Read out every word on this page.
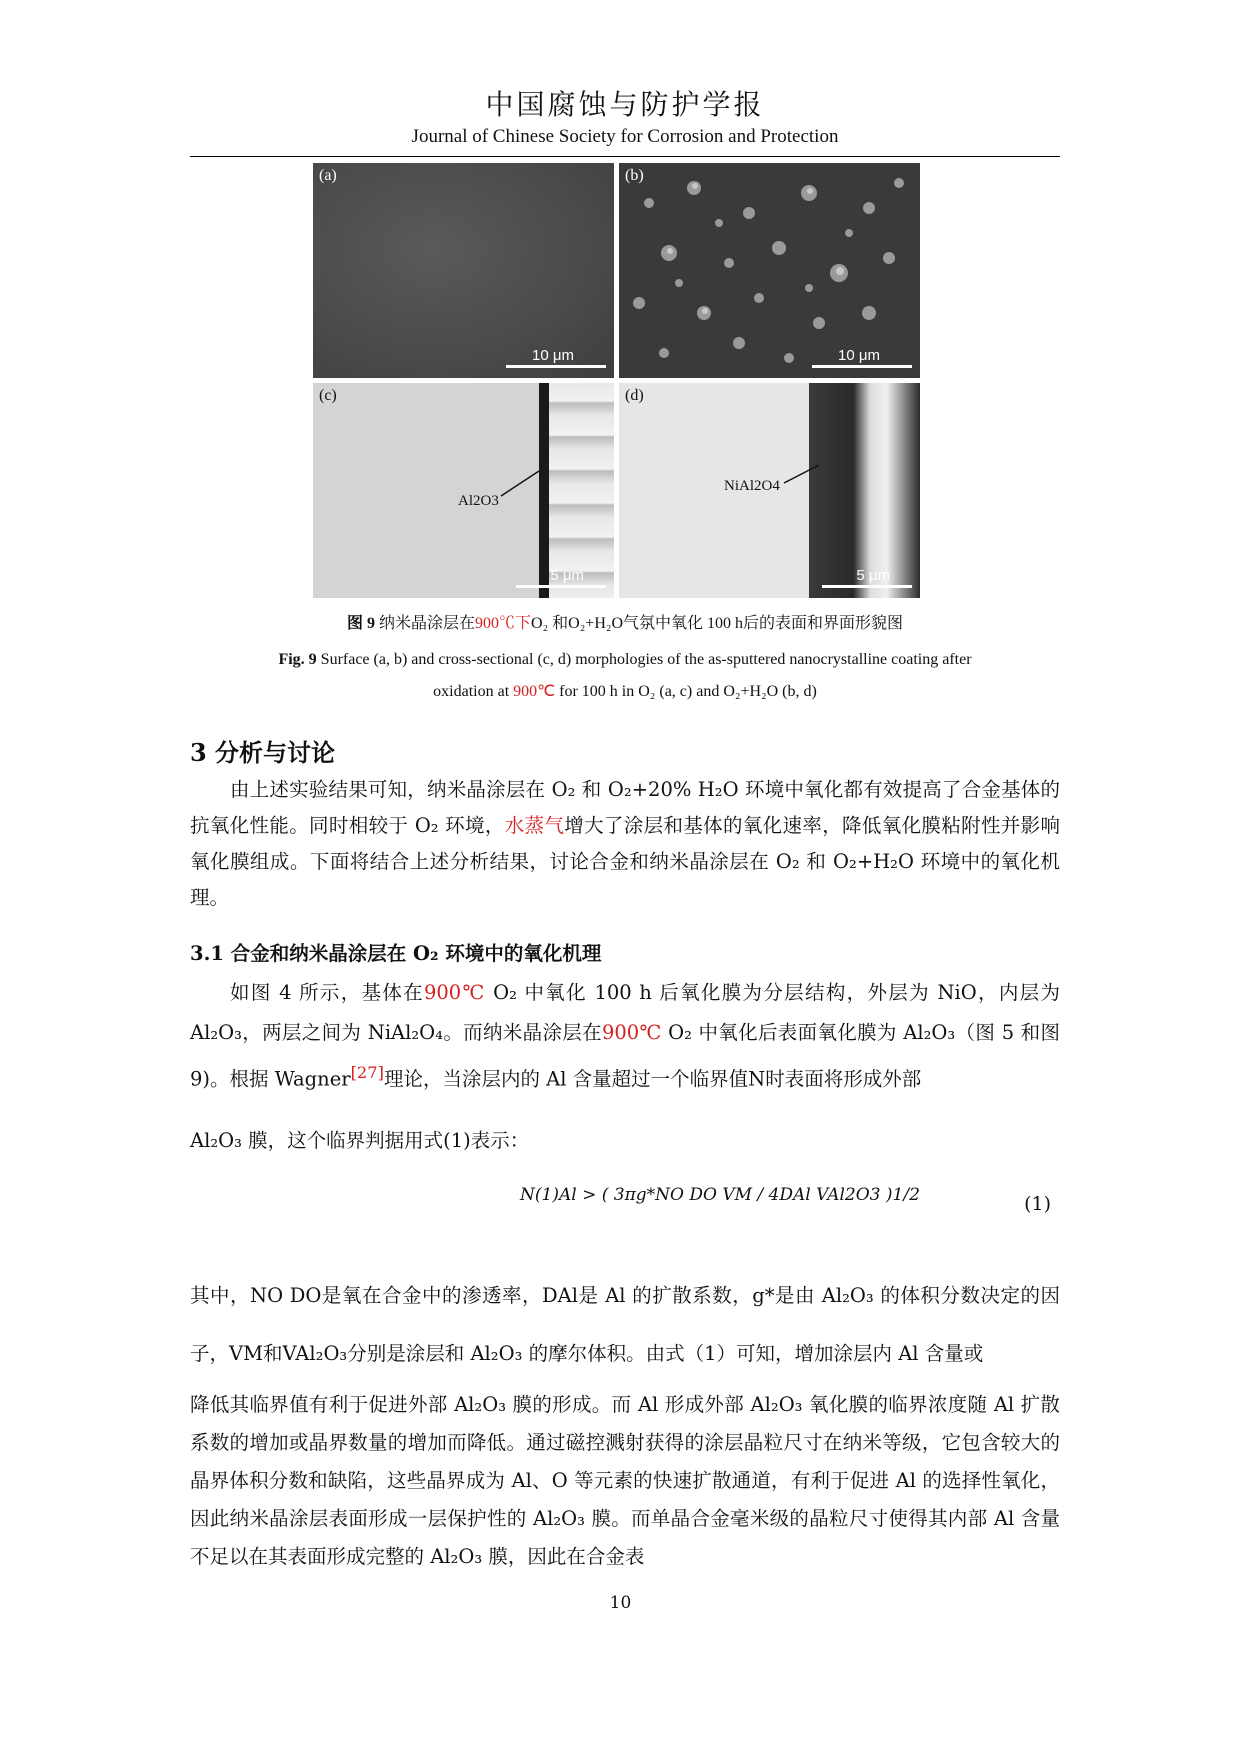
中国腐蚀与防护学报
Journal of Chinese Society for Corrosion and Protection
(a)
10 μm
(b)
10 μm
(c)
Al2O3
5 μm
(d)
NiAl2O4
5 μm
图 9 纳米晶涂层在900℃下O₂ 和O₂+H₂O气氛中氧化 100 h后的表面和界面形貌图
Fig. 9 Surface (a, b) and cross-sectional (c, d) morphologies of the as-sputtered nanocrystalline coating after
oxidation at 900℃ for 100 h in O₂ (a, c) and O₂+H₂O (b, d)
3 分析与讨论
由上述实验结果可知，纳米晶涂层在 O₂ 和 O₂+20% H₂O 环境中氧化都有效提高了合金基体的抗氧化性能。同时相较于 O₂ 环境，水蒸气增大了涂层和基体的氧化速率，降低氧化膜粘附性并影响氧化膜组成。下面将结合上述分析结果，讨论合金和纳米晶涂层在 O₂ 和 O₂+H₂O 环境中的氧化机理。
3.1 合金和纳米晶涂层在 O₂ 环境中的氧化机理
如图 4 所示，基体在900℃ O₂ 中氧化 100 h 后氧化膜为分层结构，外层为 NiO，内层为 Al₂O₃，两层之间为 NiAl₂O₄。而纳米晶涂层在900℃ O₂ 中氧化后表面氧化膜为 Al₂O₃（图 5 和图 9)。根据 Wagner[27]理论，当涂层内的 Al 含量超过一个临界值N时表面将形成外部
Al₂O₃ 膜，这个临界判据用式(1)表示：
N(1)Al > ( 3πg*NO DO VM / 4DAl VAl2O3 )1/2	(1)
其中，NO DO是氧在合金中的渗透率，DAl是 Al 的扩散系数，g*是由 Al₂O₃ 的体积分数决定的因子，VM和VAl₂O₃分别是涂层和 Al₂O₃ 的摩尔体积。由式（1）可知，增加涂层内 Al 含量或
降低其临界值有利于促进外部 Al₂O₃ 膜的形成。而 Al 形成外部 Al₂O₃ 氧化膜的临界浓度随 Al 扩散系数的增加或晶界数量的增加而降低。通过磁控溅射获得的涂层晶粒尺寸在纳米等级，它包含较大的晶界体积分数和缺陷，这些晶界成为 Al、O 等元素的快速扩散通道，有利于促进 Al 的选择性氧化，因此纳米晶涂层表面形成一层保护性的 Al₂O₃ 膜。而单晶合金毫米级的晶粒尺寸使得其内部 Al 含量不足以在其表面形成完整的 Al₂O₃ 膜，因此在合金表
10
